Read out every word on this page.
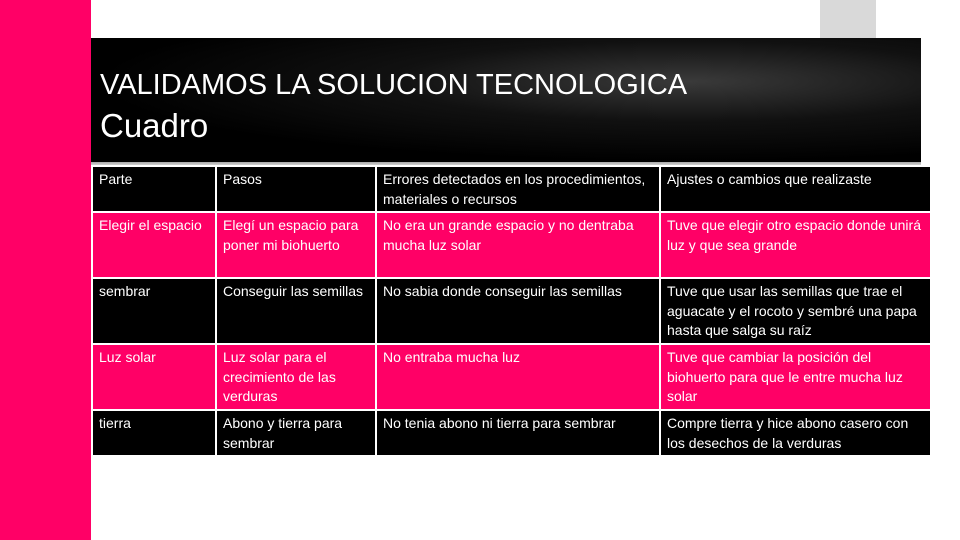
VALIDAMOS LA SOLUCION TECNOLOGICA
Cuadro
Parte	Pasos	Errores detectados en los procedimientos, materiales o recursos	Ajustes o cambios que realizaste
Elegir el espacio	Elegí un espacio para poner mi biohuerto	No era un grande espacio y no dentraba mucha luz solar	Tuve que elegir otro espacio donde unirá luz y que sea grande
sembrar	Conseguir las semillas	No sabia donde conseguir las semillas	Tuve que usar las semillas que trae el aguacate y el rocoto y sembré una papa hasta que salga su raíz
Luz solar	Luz solar para el crecimiento de las verduras	No entraba mucha luz	Tuve que cambiar la posición del biohuerto para que le entre mucha luz solar
tierra	Abono y tierra para sembrar	No tenia abono ni tierra para sembrar	Compre tierra y hice abono casero con los desechos de la verduras
